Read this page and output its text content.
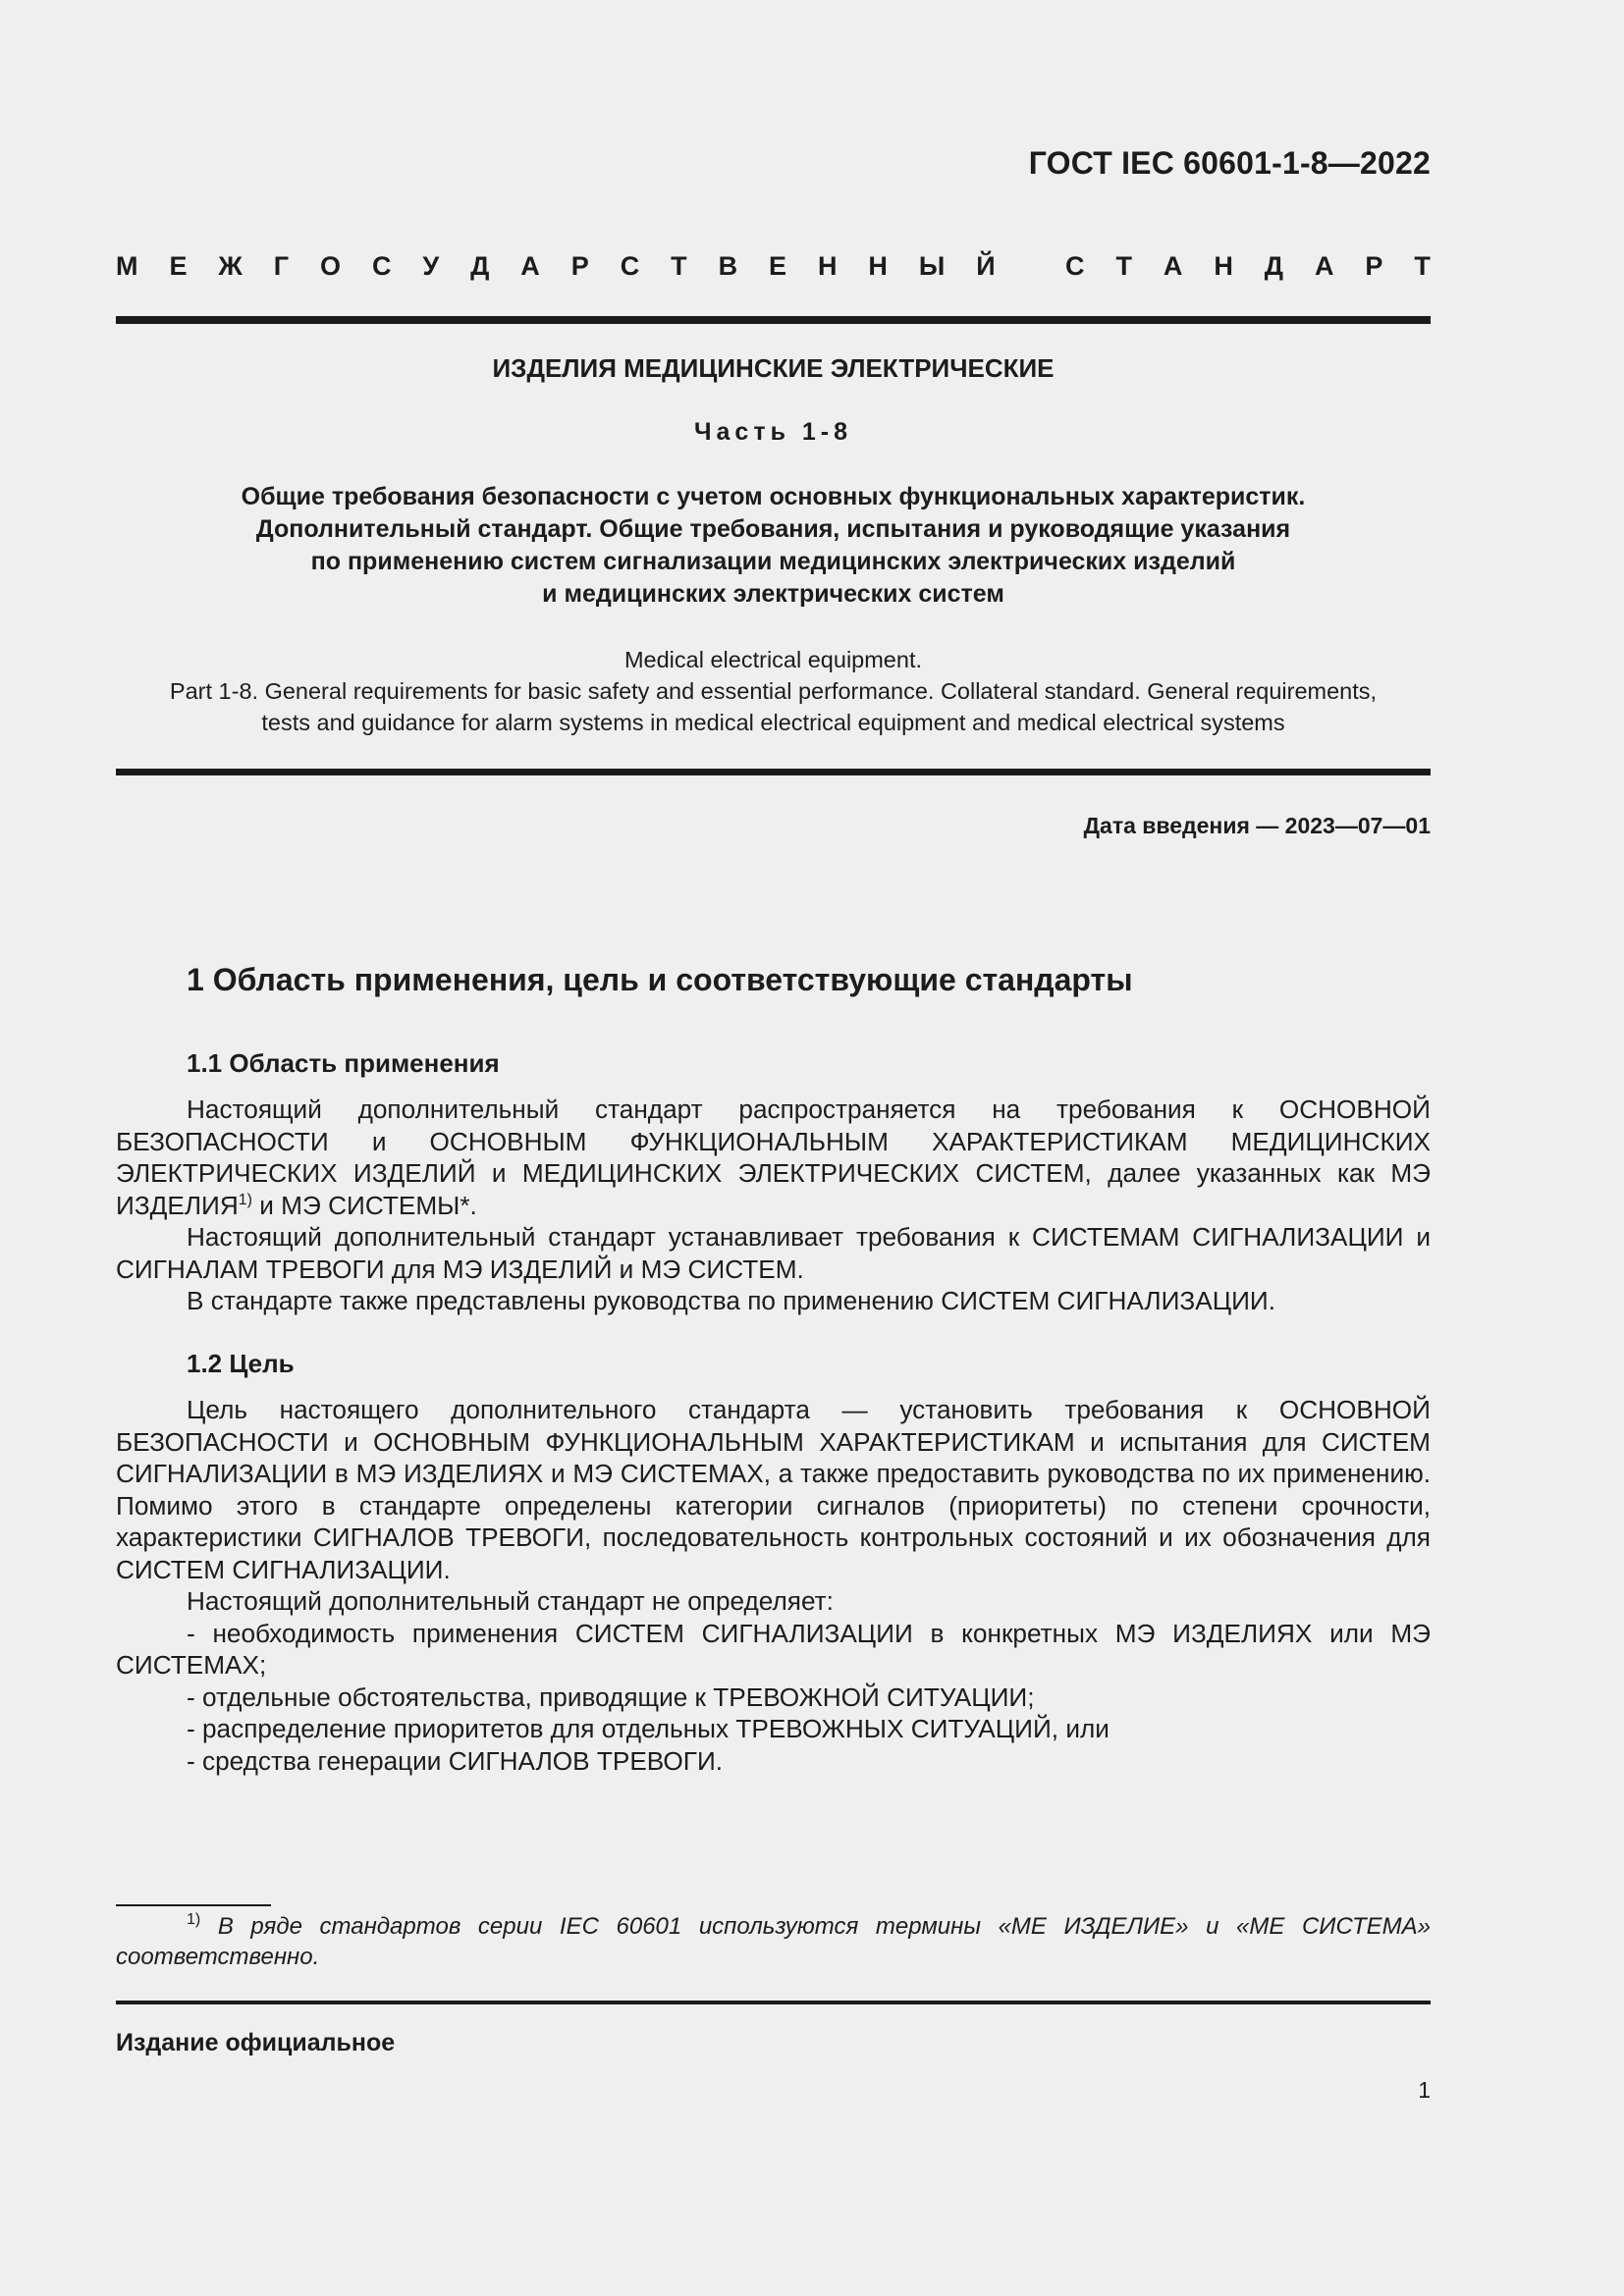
ГОСТ IEC 60601-1-8—2022
М Е Ж Г О С У Д А Р С Т В Е Н Н Ы Й
	С Т А Н Д А Р Т
ИЗДЕЛИЯ МЕДИЦИНСКИЕ ЭЛЕКТРИЧЕСКИЕ
Часть 1-8
Общие требования безопасности с учетом основных функциональных характеристик.
Дополнительный стандарт. Общие требования, испытания и руководящие указания
по применению систем сигнализации медицинских электрических изделий
и медицинских электрических систем
Medical electrical equipment.
Part 1-8. General requirements for basic safety and essential performance. Collateral standard. General requirements,
tests and guidance for alarm systems in medical electrical equipment and medical electrical systems
Дата введения — 2023—07—01
1 Область применения, цель и соответствующие стандарты
1.1 Область применения

Настоящий дополнительный стандарт распространяется на требования к ОСНОВНОЙ БЕЗОПАСНОСТИ и ОСНОВНЫМ ФУНКЦИОНАЛЬНЫМ ХАРАКТЕРИСТИКАМ МЕДИЦИНСКИХ ЭЛЕКТРИЧЕСКИХ ИЗДЕЛИЙ и МЕДИЦИНСКИХ ЭЛЕКТРИЧЕСКИХ СИСТЕМ, далее указанных как МЭ ИЗДЕЛИЯ$^{1)}$ и МЭ СИСТЕМЫ*.

Настоящий дополнительный стандарт устанавливает требования к СИСТЕМАМ СИГНАЛИЗАЦИИ и СИГНАЛАМ ТРЕВОГИ для МЭ ИЗДЕЛИЙ и МЭ СИСТЕМ.

В стандарте также представлены руководства по применению СИСТЕМ СИГНАЛИЗАЦИИ.

1.2 Цель

Цель настоящего дополнительного стандарта — установить требования к ОСНОВНОЙ БЕЗОПАСНОСТИ и ОСНОВНЫМ ФУНКЦИОНАЛЬНЫМ ХАРАКТЕРИСТИКАМ и испытания для СИСТЕМ СИГНАЛИЗАЦИИ в МЭ ИЗДЕЛИЯХ и МЭ СИСТЕМАХ, а также предоставить руководства по их применению. Помимо этого в стандарте определены категории сигналов (приоритеты) по степени срочности, характеристики СИГНАЛОВ ТРЕВОГИ, последовательность контрольных состояний и их обозначения для СИСТЕМ СИГНАЛИЗАЦИИ.

Настоящий дополнительный стандарт не определяет:

- необходимость применения СИСТЕМ СИГНАЛИЗАЦИИ в конкретных МЭ ИЗДЕЛИЯХ или МЭ СИСТЕМАХ;

- отдельные обстоятельства, приводящие к ТРЕВОЖНОЙ СИТУАЦИИ;

- распределение приоритетов для отдельных ТРЕВОЖНЫХ СИТУАЦИЙ, или

- средства генерации СИГНАЛОВ ТРЕВОГИ.

$^{1)}$ В ряде стандартов серии IEC 60601 используются термины «МЕ ИЗДЕЛИЕ» и «МЕ СИСТЕМА» соответственно.
Издание официальное
1
